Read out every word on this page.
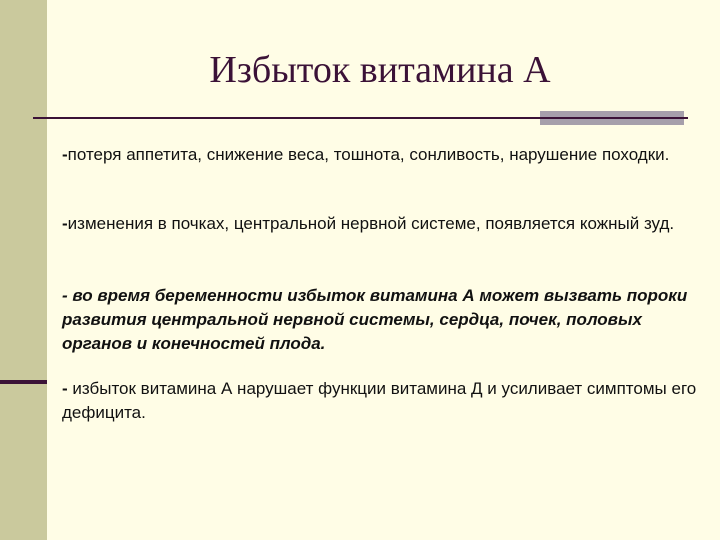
Избыток витамина А
-потеря аппетита, снижение веса, тошнота, сонливость, нарушение походки.
-изменения в почках, центральной нервной системе, появляется кожный зуд.
- во время беременности избыток витамина А может вызвать пороки развития центральной нервной системы, сердца, почек, половых органов и конечностей плода.
- избыток витамина А нарушает функции витамина Д и усиливает симптомы его дефицита.
